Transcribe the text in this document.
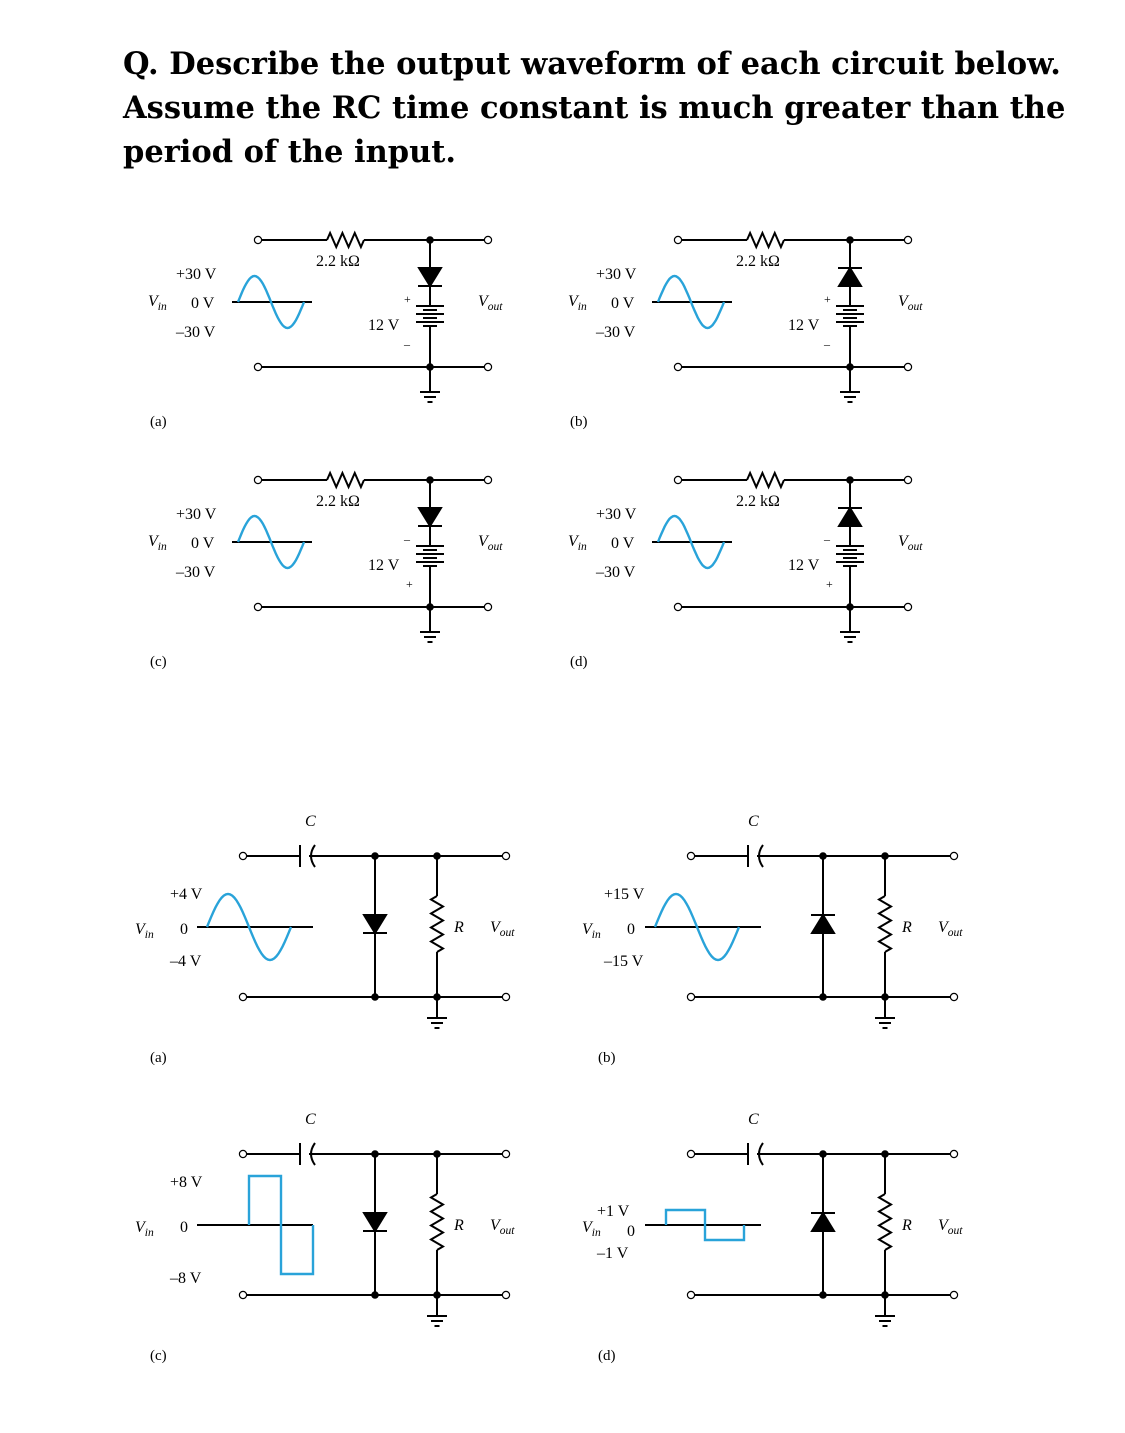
Q. Describe the output waveform of each circuit below.
Assume the RC time constant is much greater than the
period of the input.
2.2 kΩ
+30 V
0 V
–30 V
$V_{in}$
12 V
+
–
$V_{out}$
(a)
2.2 kΩ
+30 V
0 V
–30 V
$V_{in}$
12 V
+
–
$V_{out}$
(b)
2.2 kΩ
+30 V
0 V
–30 V
$V_{in}$
12 V
–
+
$V_{out}$
(c)
2.2 kΩ
+30 V
0 V
–30 V
$V_{in}$
12 V
–
+
$V_{out}$
(d)
C
R $V_{out}$
(a)
C
R $V_{out}$
(b)
C
R $V_{out}$
(c)
C
R $V_{out}$
(d)
+4 V
0
–4 V
$V_{in}$
+15 V
0
–15 V
$V_{in}$
+8 V
0
–8 V
$V_{in}$
+1 V
0
–1 V
$V_{in}$
